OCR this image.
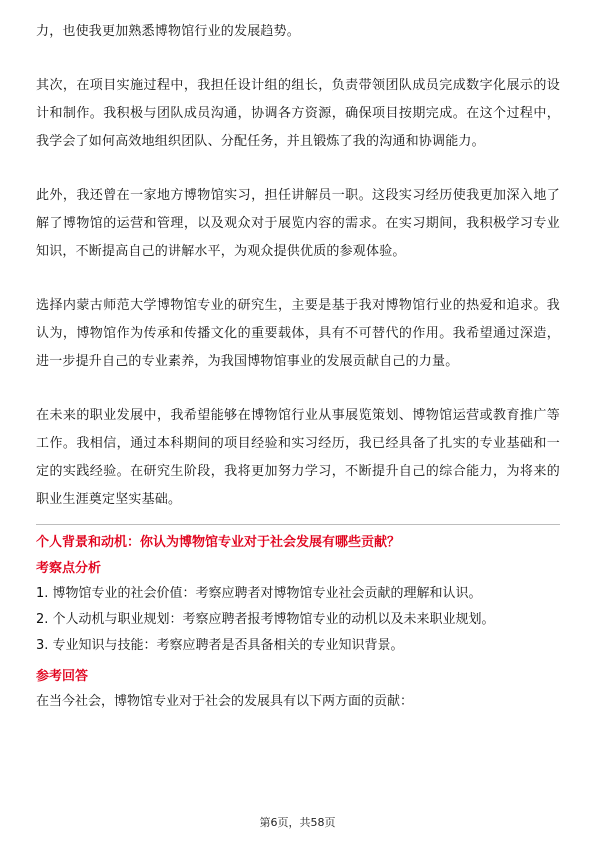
力，也使我更加熟悉博物馆行业的发展趋势。

其次，在项目实施过程中，我担任设计组的组长，负责带领团队成员完成数字化展示的设计和制作。我积极与团队成员沟通，协调各方资源，确保项目按期完成。在这个过程中，我学会了如何高效地组织团队、分配任务，并且锻炼了我的沟通和协调能力。

此外，我还曾在一家地方博物馆实习，担任讲解员一职。这段实习经历使我更加深入地了解了博物馆的运营和管理，以及观众对于展览内容的需求。在实习期间，我积极学习专业知识，不断提高自己的讲解水平，为观众提供优质的参观体验。

选择内蒙古师范大学博物馆专业的研究生，主要是基于我对博物馆行业的热爱和追求。我认为，博物馆作为传承和传播文化的重要载体，具有不可替代的作用。我希望通过深造，进一步提升自己的专业素养，为我国博物馆事业的发展贡献自己的力量。

在未来的职业发展中，我希望能够在博物馆行业从事展览策划、博物馆运营或教育推广等工作。我相信，通过本科期间的项目经验和实习经历，我已经具备了扎实的专业基础和一定的实践经验。在研究生阶段，我将更加努力学习，不断提升自己的综合能力，为将来的职业生涯奠定坚实基础。

个人背景和动机：你认为博物馆专业对于社会发展有哪些贡献？

考察点分析

1. 博物馆专业的社会价值：考察应聘者对博物馆专业社会贡献的理解和认识。

2. 个人动机与职业规划：考察应聘者报考博物馆专业的动机以及未来职业规划。

3. 专业知识与技能：考察应聘者是否具备相关的专业知识背景。

参考回答

在当今社会，博物馆专业对于社会的发展具有以下两方面的贡献：

第6页，共58页
